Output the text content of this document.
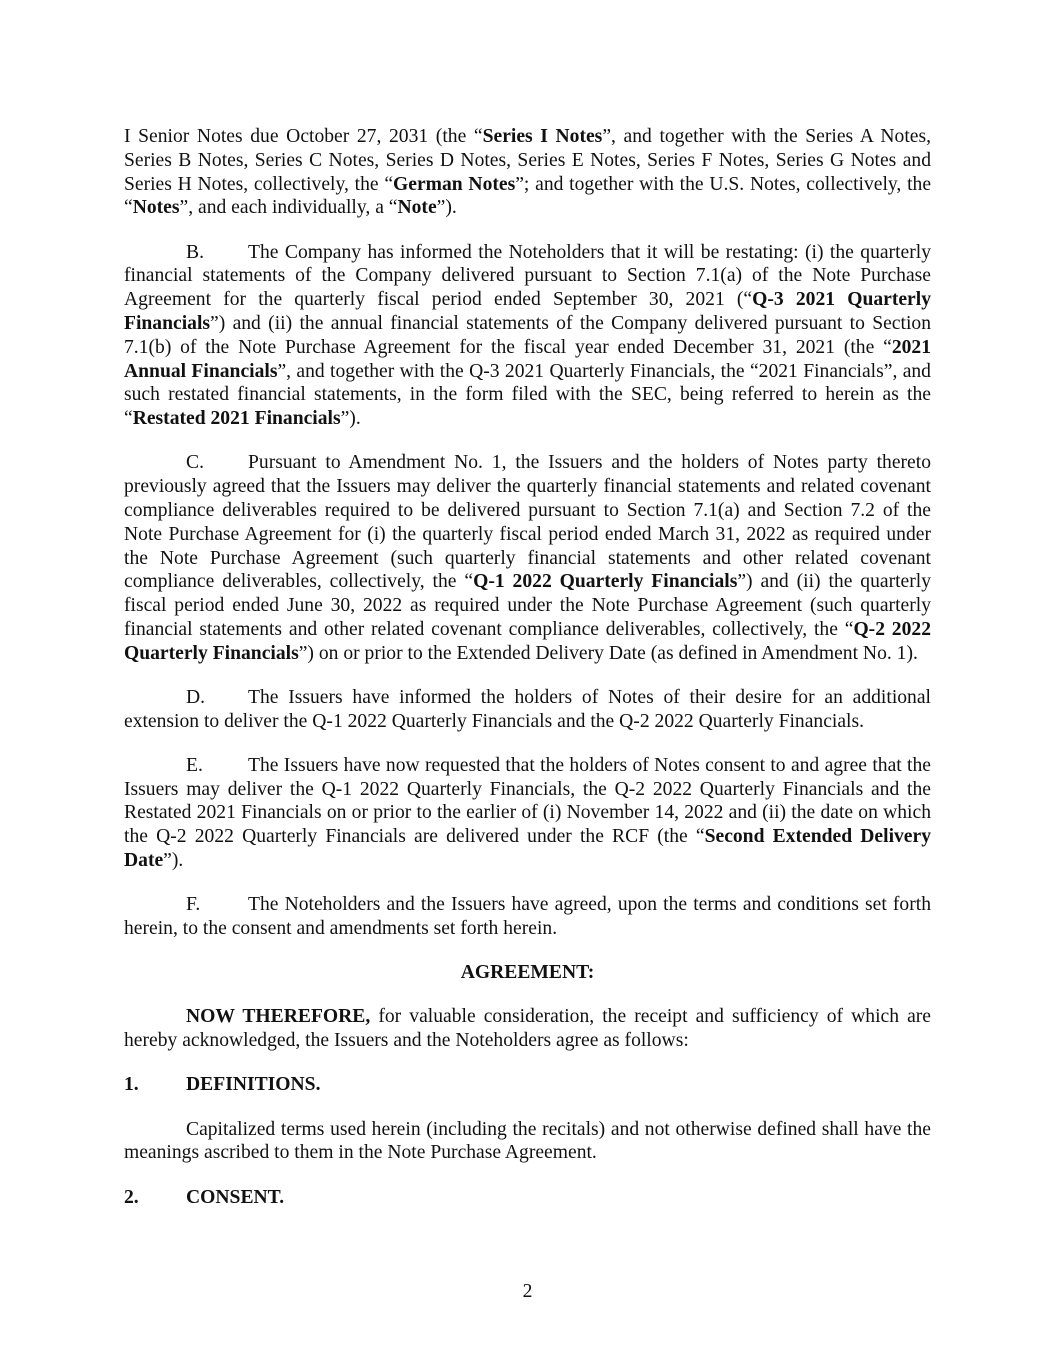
I Senior Notes due October 27, 2031 (the “Series I Notes”, and together with the Series A Notes, Series B Notes, Series C Notes, Series D Notes, Series E Notes, Series F Notes, Series G Notes and Series H Notes, collectively, the “German Notes”; and together with the U.S. Notes, collectively, the “Notes”, and each individually, a “Note”).

B. The Company has informed the Noteholders that it will be restating: (i) the quarterly financial statements of the Company delivered pursuant to Section 7.1(a) of the Note Purchase Agreement for the quarterly fiscal period ended September 30, 2021 (“Q-3 2021 Quarterly Financials”) and (ii) the annual financial statements of the Company delivered pursuant to Section 7.1(b) of the Note Purchase Agreement for the fiscal year ended December 31, 2021 (the “2021 Annual Financials”, and together with the Q-3 2021 Quarterly Financials, the “2021 Financials”, and such restated financial statements, in the form filed with the SEC, being referred to herein as the “Restated 2021 Financials”).

C. Pursuant to Amendment No. 1, the Issuers and the holders of Notes party thereto previously agreed that the Issuers may deliver the quarterly financial statements and related covenant compliance deliverables required to be delivered pursuant to Section 7.1(a) and Section 7.2 of the Note Purchase Agreement for (i) the quarterly fiscal period ended March 31, 2022 as required under the Note Purchase Agreement (such quarterly financial statements and other related covenant compliance deliverables, collectively, the “Q-1 2022 Quarterly Financials”) and (ii) the quarterly fiscal period ended June 30, 2022 as required under the Note Purchase Agreement (such quarterly financial statements and other related covenant compliance deliverables, collectively, the “Q-2 2022 Quarterly Financials”) on or prior to the Extended Delivery Date (as defined in Amendment No. 1).

D. The Issuers have informed the holders of Notes of their desire for an additional extension to deliver the Q-1 2022 Quarterly Financials and the Q-2 2022 Quarterly Financials.

E. The Issuers have now requested that the holders of Notes consent to and agree that the Issuers may deliver the Q-1 2022 Quarterly Financials, the Q-2 2022 Quarterly Financials and the Restated 2021 Financials on or prior to the earlier of (i) November 14, 2022 and (ii) the date on which the Q-2 2022 Quarterly Financials are delivered under the RCF (the “Second Extended Delivery Date”).

F. The Noteholders and the Issuers have agreed, upon the terms and conditions set forth herein, to the consent and amendments set forth herein.

AGREEMENT:

NOW THEREFORE, for valuable consideration, the receipt and sufficiency of which are hereby acknowledged, the Issuers and the Noteholders agree as follows:

1. DEFINITIONS.

Capitalized terms used herein (including the recitals) and not otherwise defined shall have the meanings ascribed to them in the Note Purchase Agreement.

2. CONSENT.

2
